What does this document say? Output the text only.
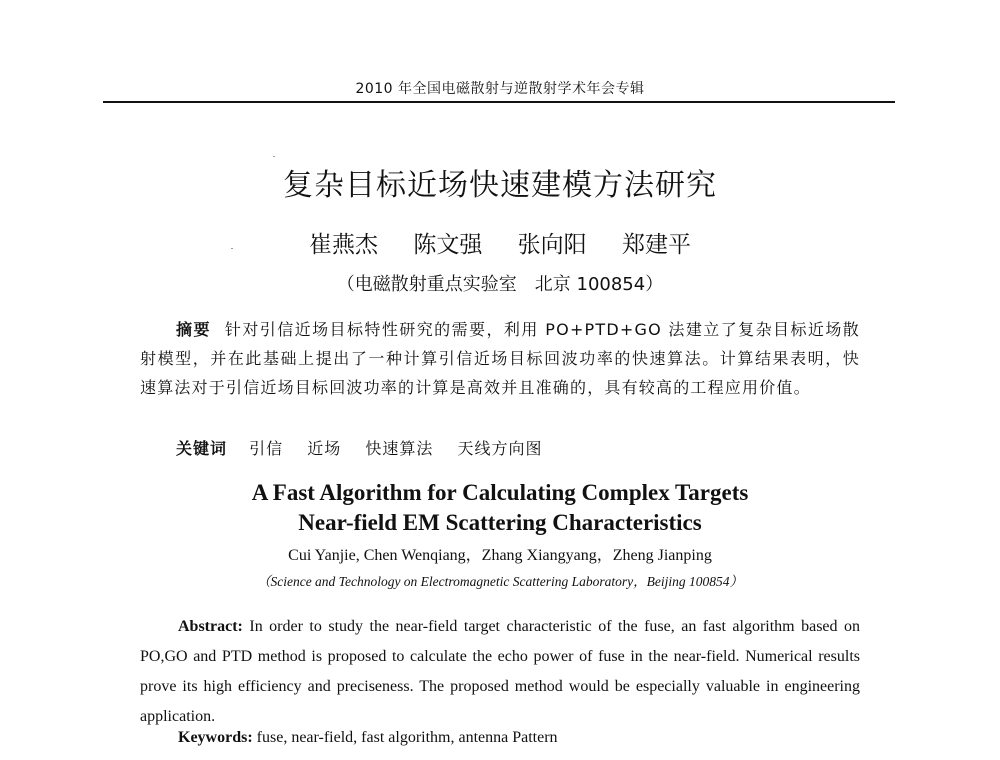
2010 年全国电磁散射与逆散射学术年会专辑
复杂目标近场快速建模方法研究
崔燕杰 陈文强 张向阳 郑建平
（电磁散射重点实验室　北京 100854）

摘要 针对引信近场目标特性研究的需要，利用 PO+PTD+GO 法建立了复杂目标近场散射模型，并在此基础上提出了一种计算引信近场目标回波功率的快速算法。计算结果表明，快速算法对于引信近场目标回波功率的计算是高效并且准确的，具有较高的工程应用价值。

关键词 引信 近场 快速算法 天线方向图
A Fast Algorithm for Calculating Complex Targets
Near-field EM Scattering Characteristics
Cui Yanjie, Chen Wenqiang，Zhang Xiangyang，Zheng Jianping
（Science and Technology on Electromagnetic Scattering Laboratory，Beijing 100854）

Abstract: In order to study the near-field target characteristic of the fuse, an fast algorithm based on PO,GO and PTD method is proposed to calculate the echo power of fuse in the near-field. Numerical results prove its high efficiency and preciseness. The proposed method would be especially valuable in engineering application.

Keywords: fuse, near-field, fast algorithm, antenna Pattern
